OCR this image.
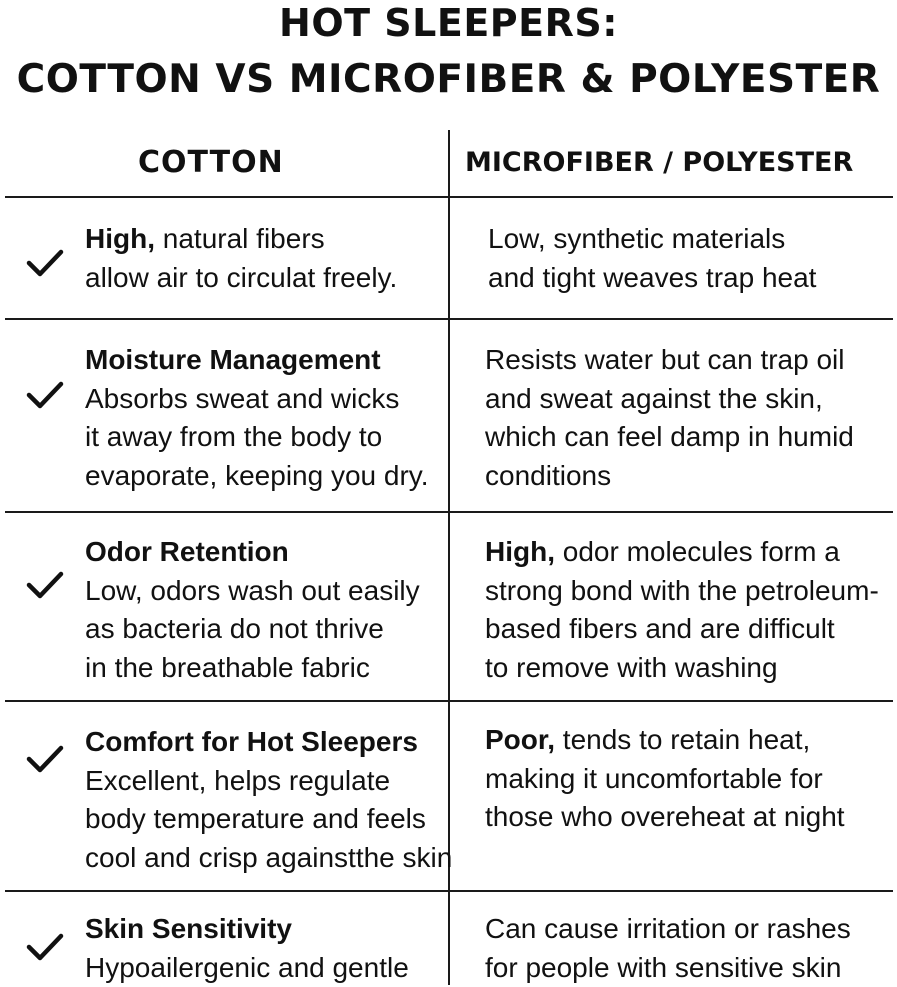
HOT SLEEPERS:
COTTON VS MICROFIBER & POLYESTER
COTTON	MICROFIBER / POLYESTER
High, natural fibers
allow air to circulat freely.
Low, synthetic materials
and tight weaves trap heat
Moisture Management
Absorbs sweat and wicks
it away from the body to
evaporate, keeping you dry.
Resists water but can trap oil
and sweat against the skin,
which can feel damp in humid
conditions
Odor Retention
Low, odors wash out easily
as bacteria do not thrive
in the breathable fabric
High, odor molecules form a
strong bond with the petroleum-
based fibers and are difficult
to remove with washing
Comfort for Hot Sleepers
Excellent, helps regulate
body temperature and feels
cool and crisp againstthe skin
Poor, tends to retain heat,
making it uncomfortable for
those who overeheat at night
Skin Sensitivity
Hypoailergenic and gentle
Can cause irritation or rashes
for people with sensitive skin
